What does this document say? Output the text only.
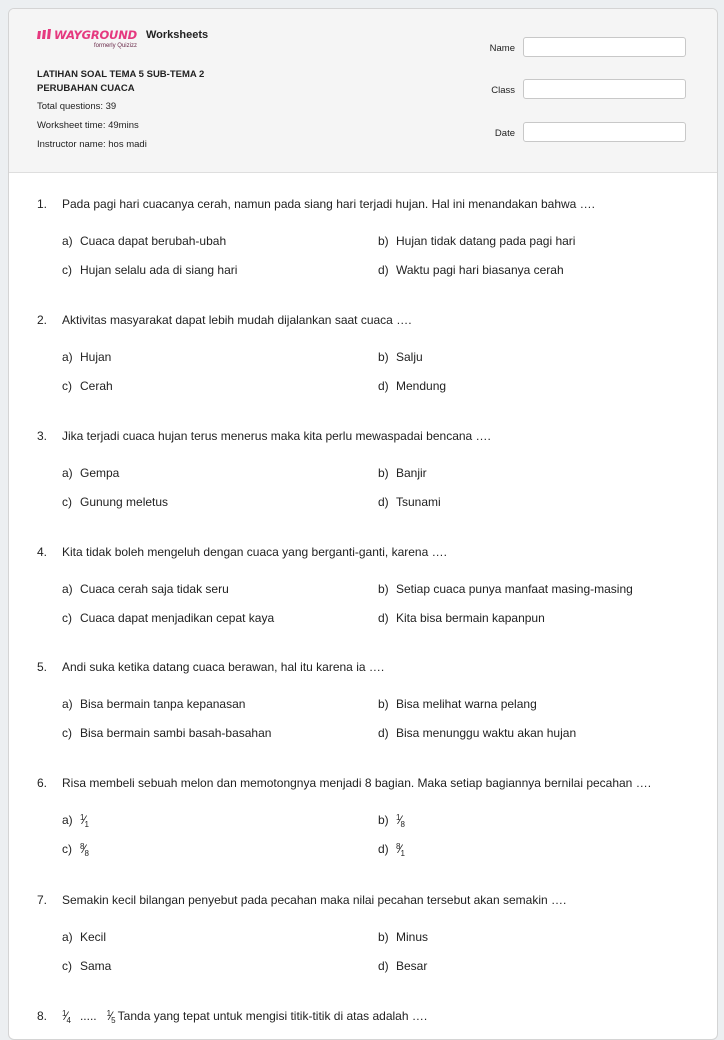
WAYGROUND
formerly Quizizz
Worksheets
LATIHAN SOAL TEMA 5 SUB-TEMA 2
PERUBAHAN CUACA
Total questions: 39
Worksheet time: 49mins
Instructor name: hos madi
Name
Class
Date
1. Pada pagi hari cuacanya cerah, namun pada siang hari terjadi hujan. Hal ini menandakan bahwa ….
a) Cuaca dapat berubah-ubah	b) Hujan tidak datang pada pagi hari
c) Hujan selalu ada di siang hari	d) Waktu pagi hari biasanya cerah
2. Aktivitas masyarakat dapat lebih mudah dijalankan saat cuaca ….
a) Hujan	b) Salju
c) Cerah	d) Mendung
3. Jika terjadi cuaca hujan terus menerus maka kita perlu mewaspadai bencana ….
a) Gempa	b) Banjir
c) Gunung meletus	d) Tsunami
4. Kita tidak boleh mengeluh dengan cuaca yang berganti-ganti, karena ….
a) Cuaca cerah saja tidak seru	b) Setiap cuaca punya manfaat masing-masing
c) Cuaca dapat menjadikan cepat kaya	d) Kita bisa bermain kapanpun
5. Andi suka ketika datang cuaca berawan, hal itu karena ia ….
a) Bisa bermain tanpa kepanasan	b) Bisa melihat warna pelang
c) Bisa bermain sambi basah-basahan	d) Bisa menunggu waktu akan hujan
6. Risa membeli sebuah melon dan memotongnya menjadi 8 bagian. Maka setiap bagiannya bernilai pecahan ….
a) $^1⁄_1$	b) $^1⁄_8$
c) $^8⁄_8$	d) $^8⁄_1$
7. Semakin kecil bilangan penyebut pada pecahan maka nilai pecahan tersebut akan semakin ….
a) Kecil	b) Minus
c) Sama	d) Besar
8. $^1⁄_4$ ..... $^1⁄_5$ Tanda yang tepat untuk mengisi titik-titik di atas adalah ….
